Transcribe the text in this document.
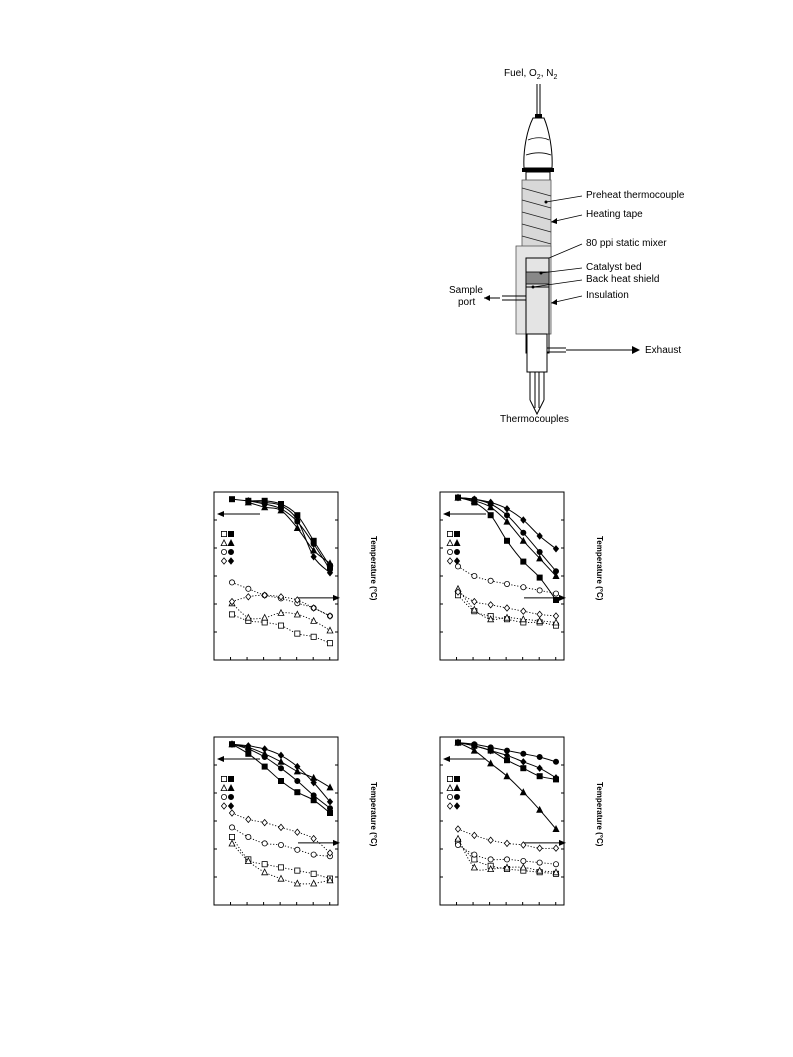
Fuel, $O_2$, $N_2$
Preheat thermocouple
Heating tape
80 ppi static mixer
Catalyst bed
Back heat shield
Insulation
Sample
port
Exhaust
Thermocouples
Temperature (°C)	Temperature (°C)
Temperature (°C)	Temperature (°C)
